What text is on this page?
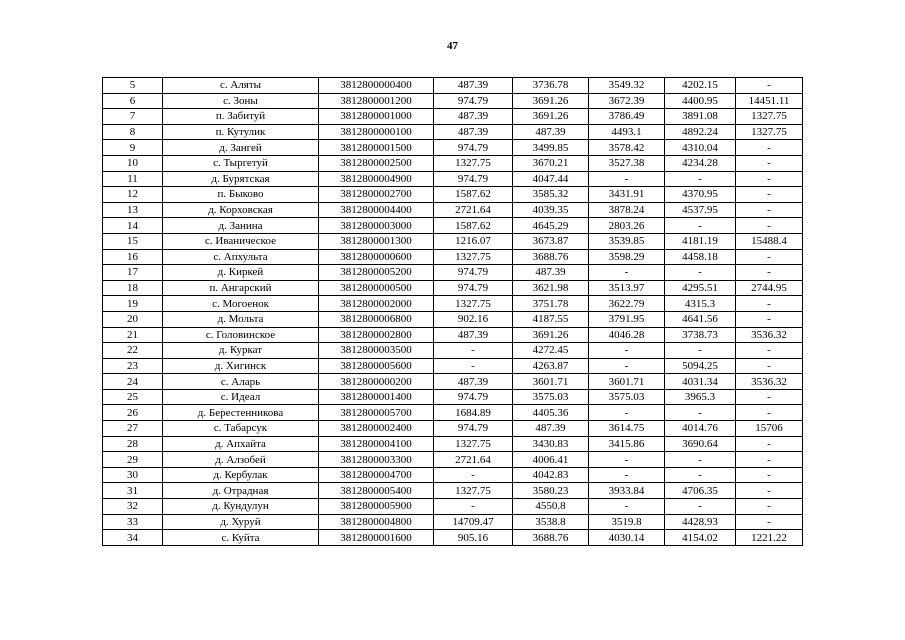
47
5	с. Аляты	3812800000400	487.39	3736.78	3549.32	4202.15	-
6	с. Зоны	3812800001200	974.79	3691.26	3672.39	4400.95	14451.11
7	п. Забитуй	3812800001000	487.39	3691.26	3786.49	3891.08	1327.75
8	п. Кутулик	3812800000100	487.39	487.39	4493.1	4892.24	1327.75
9	д. Зангей	3812800001500	974.79	3499.85	3578.42	4310.04	-
10	с. Тыргетуй	3812800002500	1327.75	3670.21	3527.38	4234.28	-
11	д. Бурятская	3812800004900	974.79	4047.44	-	-	-
12	п. Быково	3812800002700	1587.62	3585.32	3431.91	4370.95	-
13	д. Корховская	3812800004400	2721.64	4039.35	3878.24	4537.95	-
14	д. Занина	3812800003000	1587.62	4645.29	2803.26	-	-
15	с. Иваническое	3812800001300	1216.07	3673.87	3539.85	4181.19	15488.4
16	с. Апхульта	3812800000600	1327.75	3688.76	3598.29	4458.18	-
17	д. Киркей	3812800005200	974.79	487.39	-	-	-
18	п. Ангарский	3812800000500	974.79	3621.98	3513.97	4295.51	2744.95
19	с. Могоенок	3812800002000	1327.75	3751.78	3622.79	4315.3	-
20	д. Мольта	3812800006800	902.16	4187.55	3791.95	4641.56	-
21	с. Головинское	3812800002800	487.39	3691.26	4046.28	3738.73	3536.32
22	д. Куркат	3812800003500	-	4272.45	-	-	-
23	д. Хигинск	3812800005600	-	4263.87	-	5094.25	-
24	с. Аларь	3812800000200	487.39	3601.71	3601.71	4031.34	3536.32
25	с. Идеал	3812800001400	974.79	3575.03	3575.03	3965.3	-
26	д. Берестенникова	3812800005700	1684.89	4405.36	-	-	-
27	с. Табарсук	3812800002400	974.79	487.39	3614.75	4014.76	15706
28	д. Апхайта	3812800004100	1327.75	3430.83	3415.86	3690.64	-
29	д. Алзобей	3812800003300	2721.64	4006.41	-	-	-
30	д. Кербулак	3812800004700	-	4042.83	-	-	-
31	д. Отрадная	3812800005400	1327.75	3580.23	3933.84	4706.35	-
32	д. Кундулун	3812800005900	-	4550.8	-	-	-
33	д. Хуруй	3812800004800	14709.47	3538.8	3519.8	4428.93	-
34	с. Куйта	3812800001600	905.16	3688.76	4030.14	4154.02	1221.22
